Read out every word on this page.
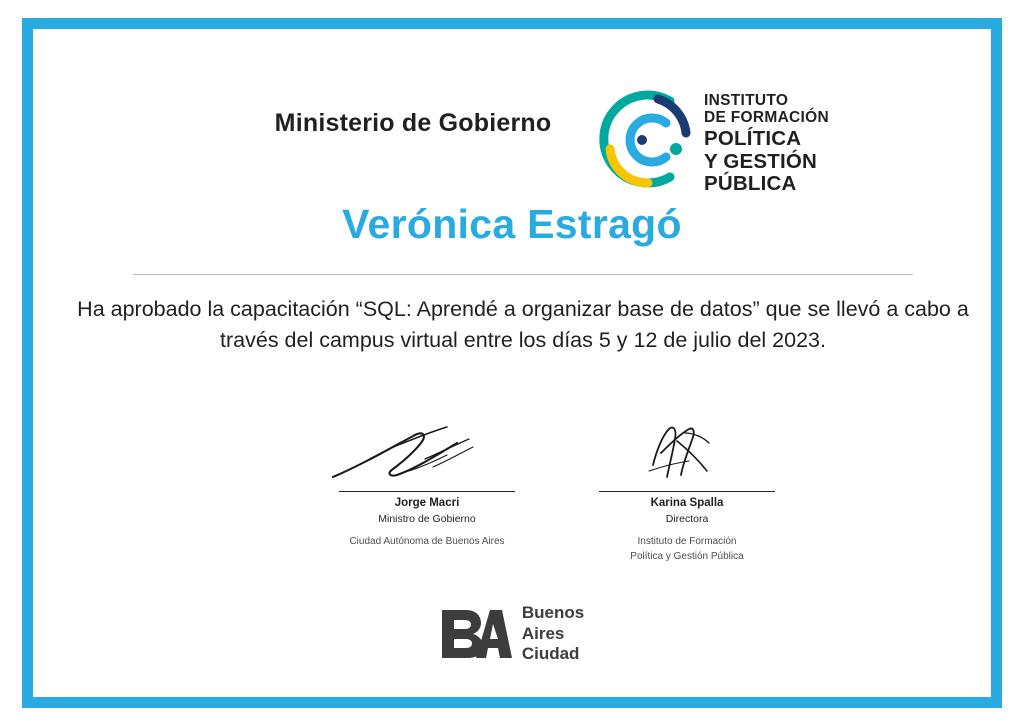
Ministerio de Gobierno
INSTITUTO
DE FORMACIÓN
POLÍTICA
Y GESTIÓN
PÚBLICA
Verónica Estragó
Ha aprobado la capacitación “SQL: Aprendé a organizar base de datos” que se llevó a cabo a través del campus virtual entre los días 5 y 12 de julio del 2023.
Jorge Macri
Ministro de Gobierno
Ciudad Autónoma de Buenos Aires
Karina Spalla
Directora
Instituto de Formación
Política y Gestión Pública
Buenos
Aires
Ciudad
